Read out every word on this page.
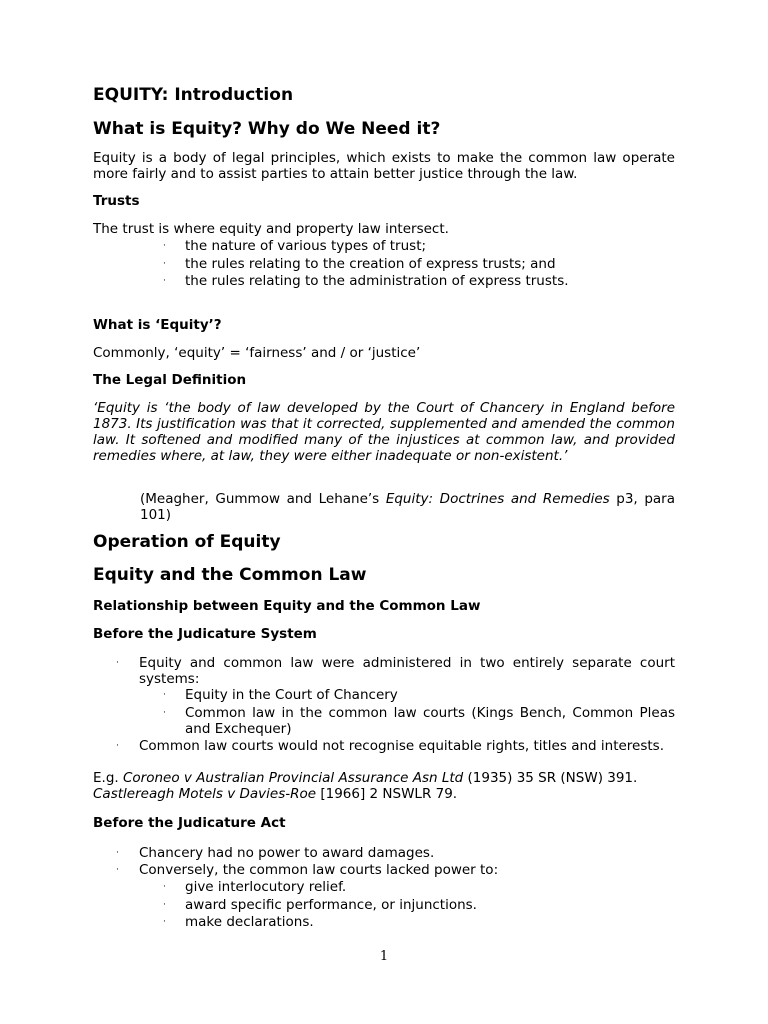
EQUITY: Introduction
What is Equity? Why do We Need it?
Equity is a body of legal principles, which exists to make the common law operate more fairly and to assist parties to attain better justice through the law.
Trusts
The trust is where equity and property law intersect.
· the nature of various types of trust;
· the rules relating to the creation of express trusts; and
· the rules relating to the administration of express trusts.
What is ‘Equity’?
Commonly, ‘equity’ = ‘fairness’ and / or ‘justice’
The Legal Definition
‘Equity is ‘the body of law developed by the Court of Chancery in England before 1873. Its justification was that it corrected, supplemented and amended the common law. It softened and modified many of the injustices at common law, and provided remedies where, at law, they were either inadequate or non-existent.’
(Meagher, Gummow and Lehane’s Equity: Doctrines and Remedies p3, para 101)
Operation of Equity
Equity and the Common Law
Relationship between Equity and the Common Law
Before the Judicature System
· Equity and common law were administered in two entirely separate court systems:
· Equity in the Court of Chancery
· Common law in the common law courts (Kings Bench, Common Pleas and Exchequer)
· Common law courts would not recognise equitable rights, titles and interests.
E.g. Coroneo v Australian Provincial Assurance Asn Ltd (1935) 35 SR (NSW) 391.
Castlereagh Motels v Davies-Roe [1966] 2 NSWLR 79.
Before the Judicature Act
· Chancery had no power to award damages.
· Conversely, the common law courts lacked power to:
· give interlocutory relief.
· award specific performance, or injunctions.
· make declarations.
1
